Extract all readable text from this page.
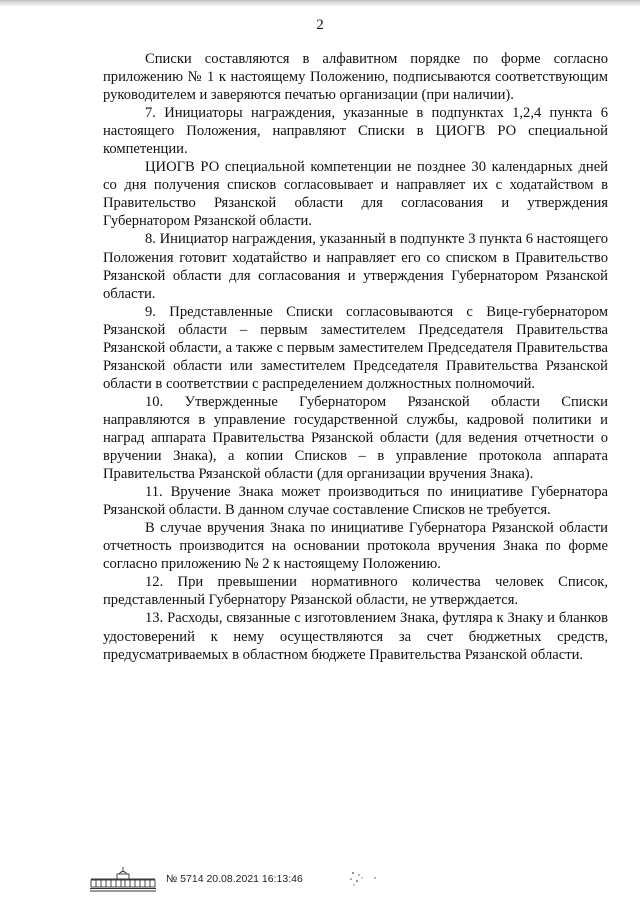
2

Списки составляются в алфавитном порядке по форме согласно приложению № 1 к настоящему Положению, подписываются соответствующим руководителем и заверяются печатью организации (при наличии).

7. Инициаторы награждения, указанные в подпунктах 1,2,4 пункта 6 настоящего Положения, направляют Списки в ЦИОГВ РО специальной компетенции.

ЦИОГВ РО специальной компетенции не позднее 30 календарных дней со дня получения списков согласовывает и направляет их с ходатайством в Правительство Рязанской области для согласования и утверждения Губернатором Рязанской области.

8. Инициатор награждения, указанный в подпункте 3 пункта 6 настоящего Положения готовит ходатайство и направляет его со списком в Правительство Рязанской области для согласования и утверждения Губернатором Рязанской области.

9. Представленные Списки согласовываются с Вице-губернатором Рязанской области – первым заместителем Председателя Правительства Рязанской области, а также с первым заместителем Председателя Правительства Рязанской области или заместителем Председателя Правительства Рязанской области в соответствии с распределением должностных полномочий.

10. Утвержденные Губернатором Рязанской области Списки направляются в управление государственной службы, кадровой политики и наград аппарата Правительства Рязанской области (для ведения отчетности о вручении Знака), а копии Списков – в управление протокола аппарата Правительства Рязанской области (для организации вручения Знака).

11. Вручение Знака может производиться по инициативе Губернатора Рязанской области. В данном случае составление Списков не требуется.

В случае вручения Знака по инициативе Губернатора Рязанской области отчетность производится на основании протокола вручения Знака по форме согласно приложению № 2 к настоящему Положению.

12. При превышении нормативного количества человек Список, представленный Губернатору Рязанской области, не утверждается.

13. Расходы, связанные с изготовлением Знака, футляра к Знаку и бланков удостоверений к нему осуществляются за счет бюджетных средств, предусматриваемых в областном бюджете Правительства Рязанской области.

№ 5714 20.08.2021 16:13:46
